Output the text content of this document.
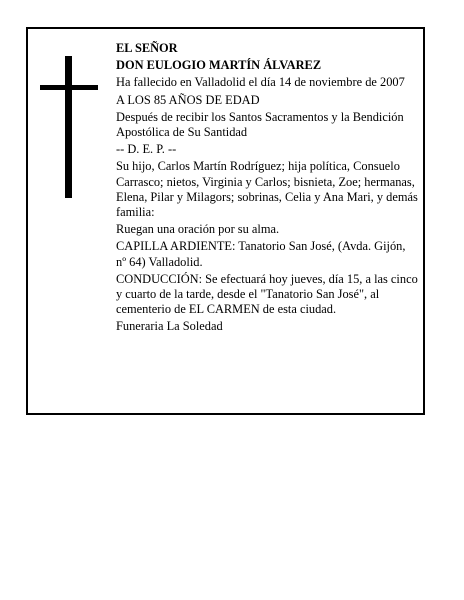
EL SEÑOR

DON EULOGIO MARTÍN ÁLVAREZ

Ha fallecido en Valladolid el día 14 de noviembre de 2007

A LOS 85 AÑOS DE EDAD

Después de recibir los Santos Sacramentos y la Bendición Apostólica de Su Santidad

-- D. E. P. --

Su hijo, Carlos Martín Rodríguez; hija política, Consuelo Carrasco; nietos, Virginia y Carlos; bisnieta, Zoe; hermanas, Elena, Pilar y Milagors; sobrinas, Celia y Ana Mari, y demás familia:

Ruegan una oración por su alma.

CAPILLA ARDIENTE: Tanatorio San José, (Avda. Gijón, nº 64) Valladolid.

CONDUCCIÓN: Se efectuará hoy jueves, día 15, a las cinco y cuarto de la tarde, desde el "Tanatorio San José", al cementerio de EL CARMEN de esta ciudad.

Funeraria La Soledad
